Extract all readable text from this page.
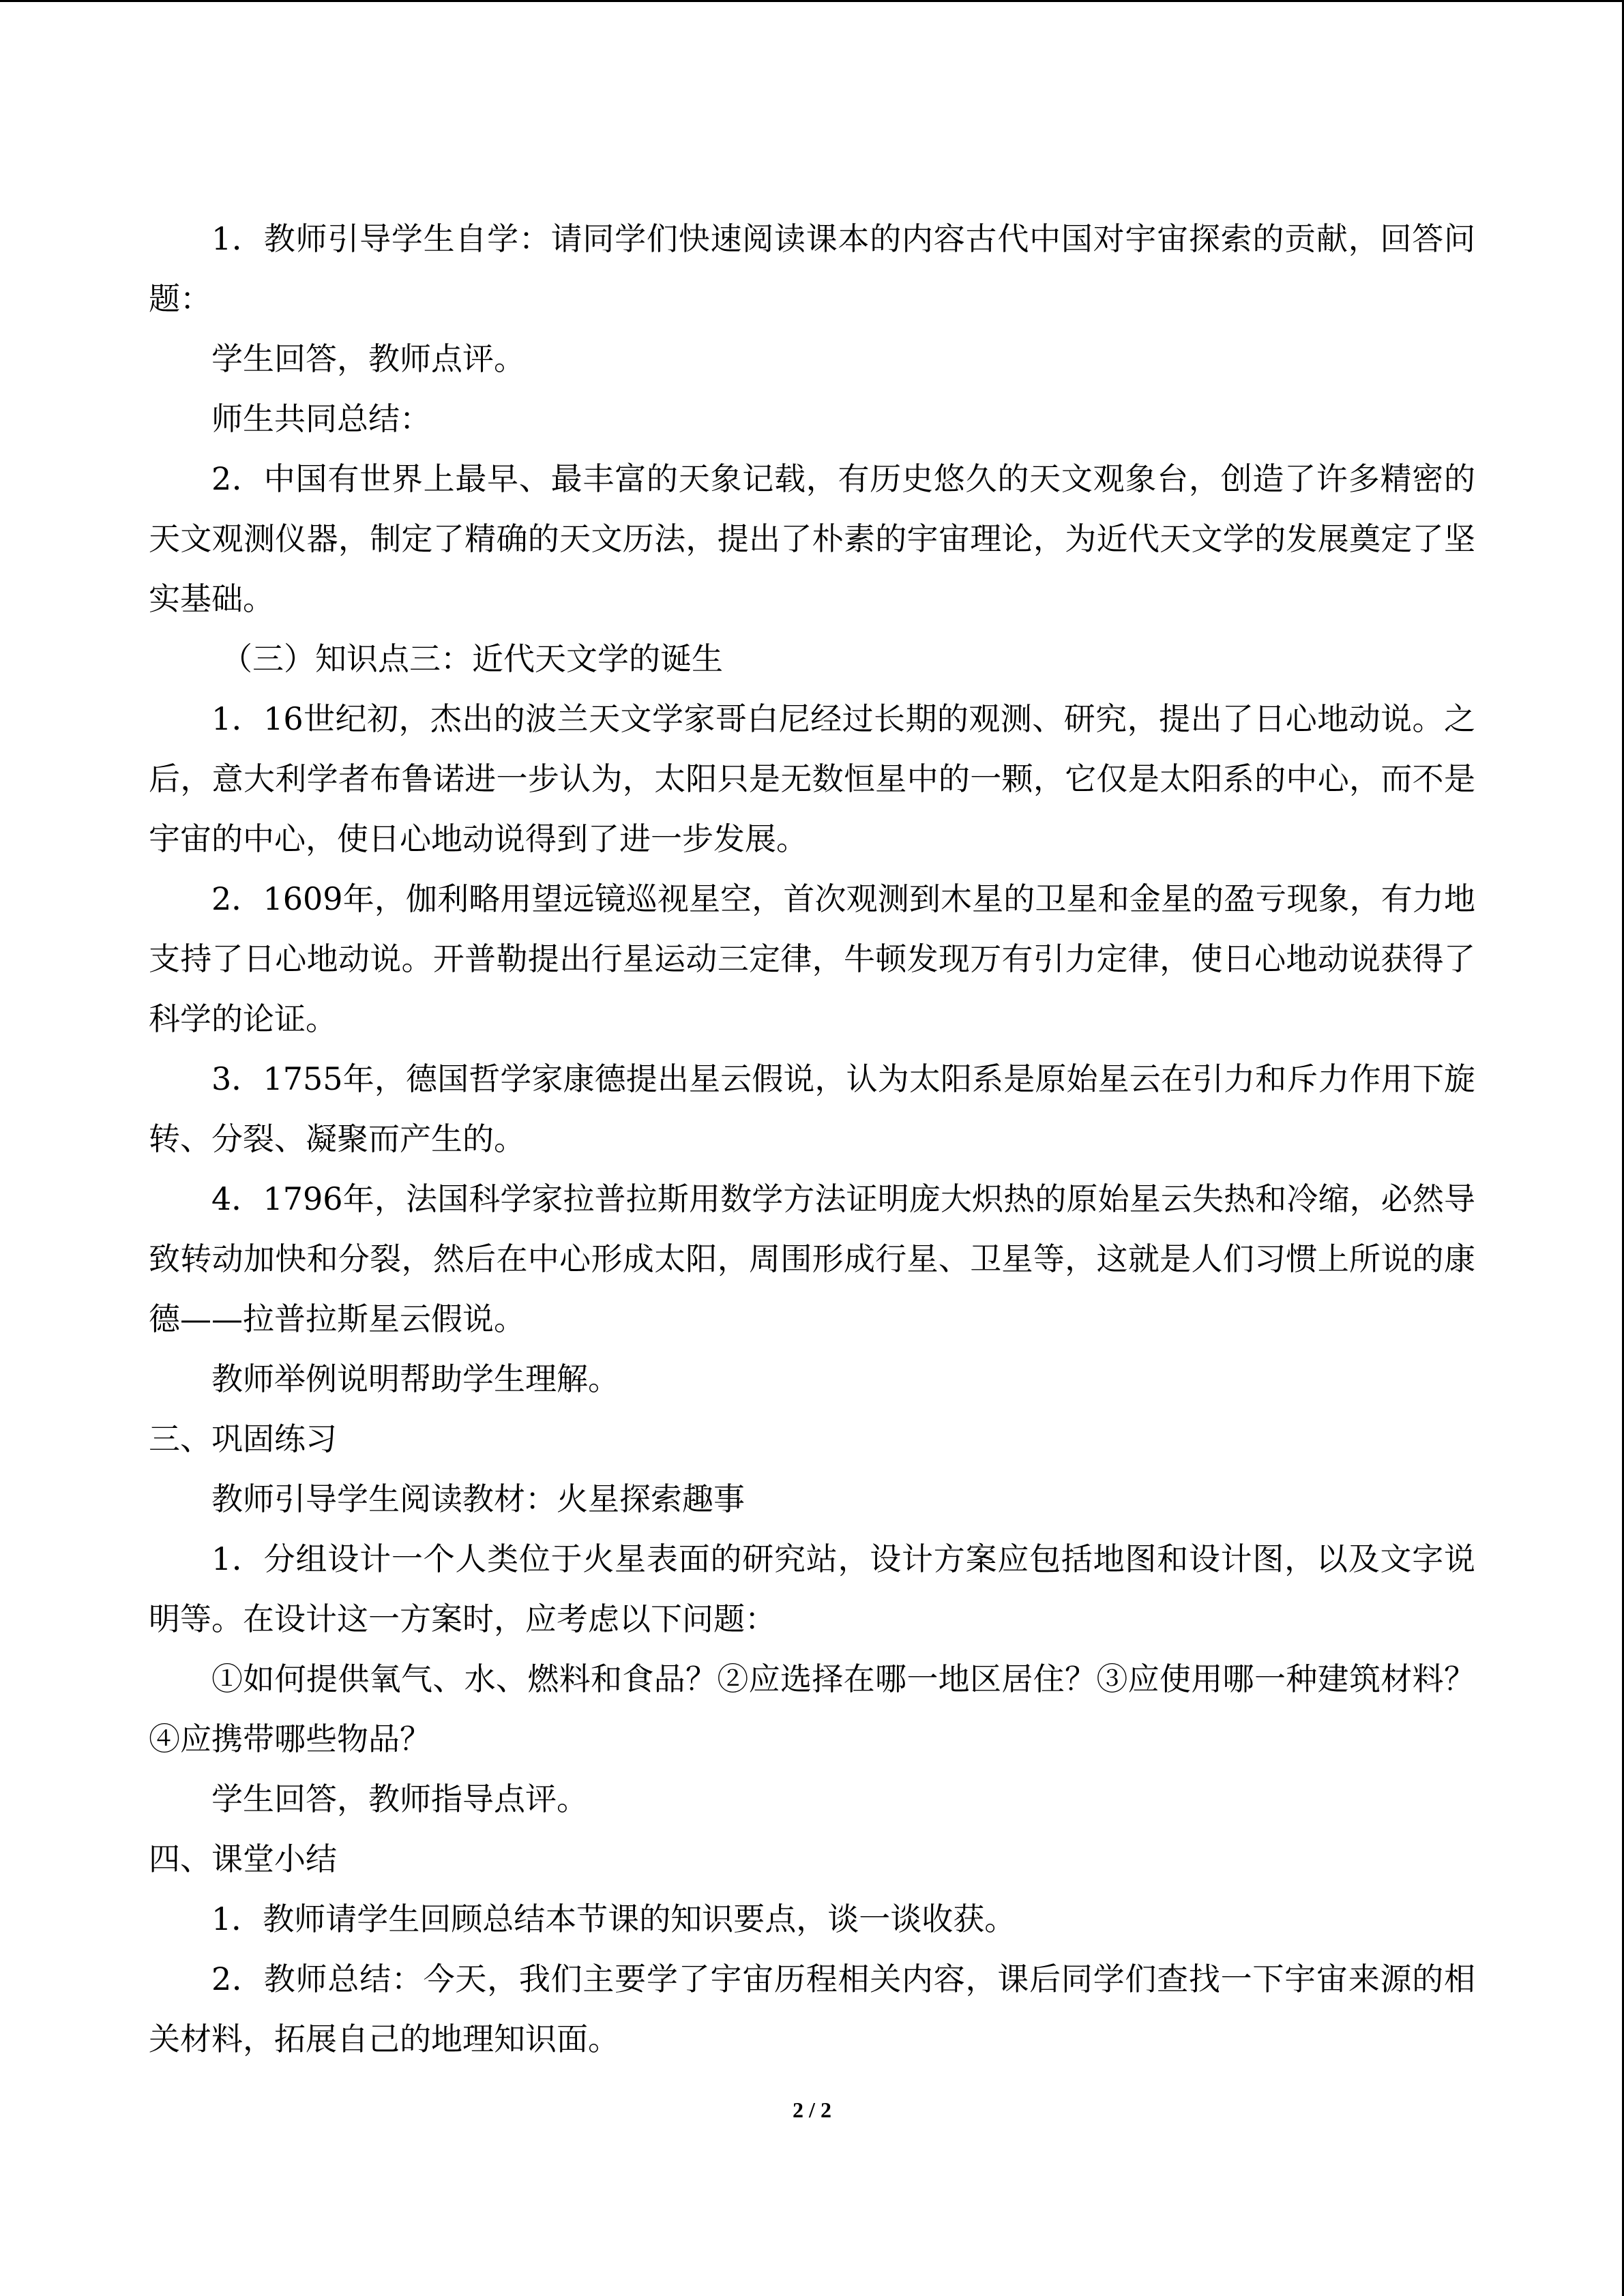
1．教师引导学生自学：请同学们快速阅读课本的内容古代中国对宇宙探索的贡献，回答问题：

学生回答，教师点评。

师生共同总结：

2．中国有世界上最早、最丰富的天象记载，有历史悠久的天文观象台，创造了许多精密的天文观测仪器，制定了精确的天文历法，提出了朴素的宇宙理论，为近代天文学的发展奠定了坚实基础。

（三）知识点三：近代天文学的诞生

1．16世纪初，杰出的波兰天文学家哥白尼经过长期的观测、研究，提出了日心地动说。之后，意大利学者布鲁诺进一步认为，太阳只是无数恒星中的一颗，它仅是太阳系的中心，而不是宇宙的中心，使日心地动说得到了进一步发展。

2．1609年，伽利略用望远镜巡视星空，首次观测到木星的卫星和金星的盈亏现象，有力地支持了日心地动说。开普勒提出行星运动三定律，牛顿发现万有引力定律，使日心地动说获得了科学的论证。

3．1755年，德国哲学家康德提出星云假说，认为太阳系是原始星云在引力和斥力作用下旋转、分裂、凝聚而产生的。

4．1796年，法国科学家拉普拉斯用数学方法证明庞大炽热的原始星云失热和冷缩，必然导致转动加快和分裂，然后在中心形成太阳，周围形成行星、卫星等，这就是人们习惯上所说的康德——拉普拉斯星云假说。

教师举例说明帮助学生理解。

三、巩固练习

教师引导学生阅读教材：火星探索趣事

1．分组设计一个人类位于火星表面的研究站，设计方案应包括地图和设计图，以及文字说明等。在设计这一方案时，应考虑以下问题：

①如何提供氧气、水、燃料和食品？②应选择在哪一地区居住？③应使用哪一种建筑材料？④应携带哪些物品？

学生回答，教师指导点评。

四、课堂小结

1．教师请学生回顾总结本节课的知识要点，谈一谈收获。

2．教师总结：今天，我们主要学了宇宙历程相关内容，课后同学们查找一下宇宙来源的相关材料，拓展自己的地理知识面。

2 / 2
